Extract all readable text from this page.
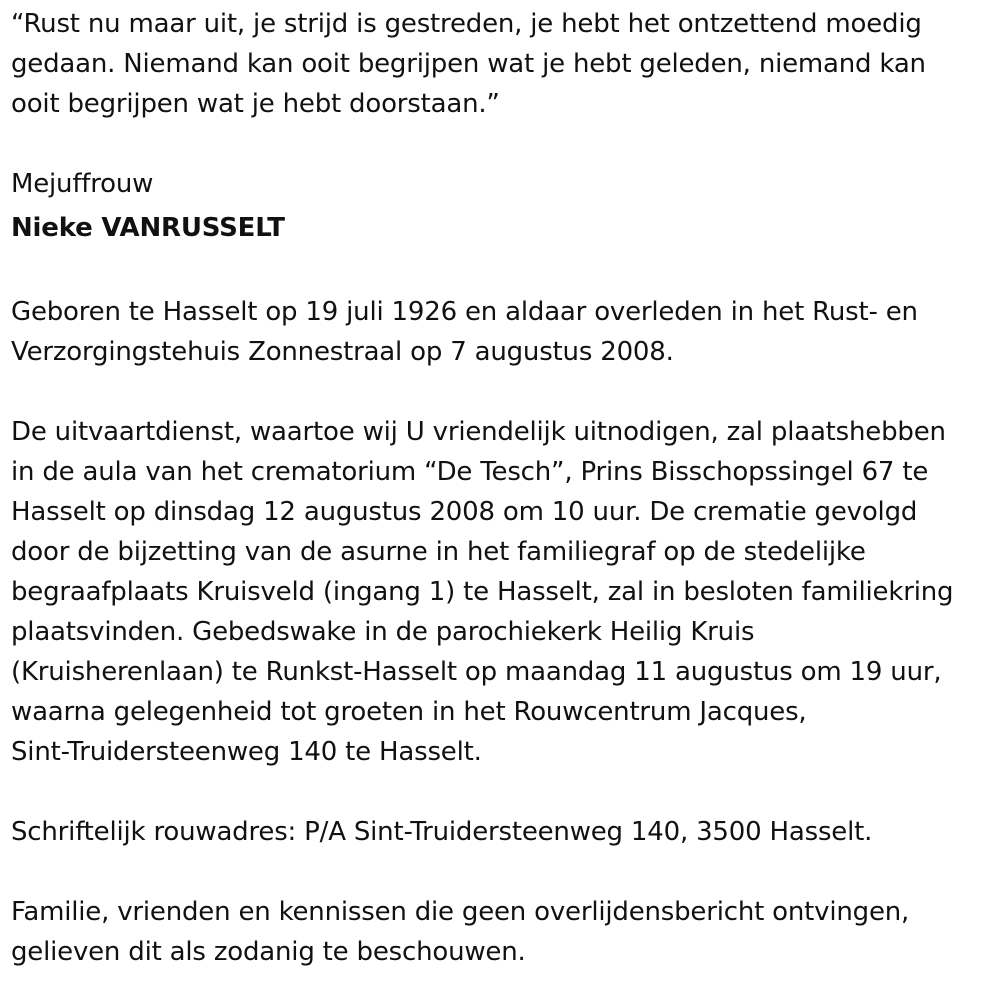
“Rust nu maar uit, je strijd is gestreden, je hebt het ontzettend moedig
gedaan. Niemand kan ooit begrijpen wat je hebt geleden, niemand kan
ooit begrijpen wat je hebt doorstaan.”

Mejuffrouw

Nieke VANRUSSELT

Geboren te Hasselt op 19 juli 1926 en aldaar overleden in het Rust- en
Verzorgingstehuis Zonnestraal op 7 augustus 2008.

De uitvaartdienst, waartoe wij U vriendelijk uitnodigen, zal plaatshebben
in de aula van het crematorium “De Tesch”, Prins Bisschopssingel 67 te
Hasselt op dinsdag 12 augustus 2008 om 10 uur. De crematie gevolgd
door de bijzetting van de asurne in het familiegraf op de stedelijke
begraafplaats Kruisveld (ingang 1) te Hasselt, zal in besloten familiekring
plaatsvinden. Gebedswake in de parochiekerk Heilig Kruis
(Kruisherenlaan) te Runkst-Hasselt op maandag 11 augustus om 19 uur,
waarna gelegenheid tot groeten in het Rouwcentrum Jacques,
Sint-Truidersteenweg 140 te Hasselt.

Schriftelijk rouwadres: P/A Sint-Truidersteenweg 140, 3500 Hasselt.

Familie, vrienden en kennissen die geen overlijdensbericht ontvingen,
gelieven dit als zodanig te beschouwen.
